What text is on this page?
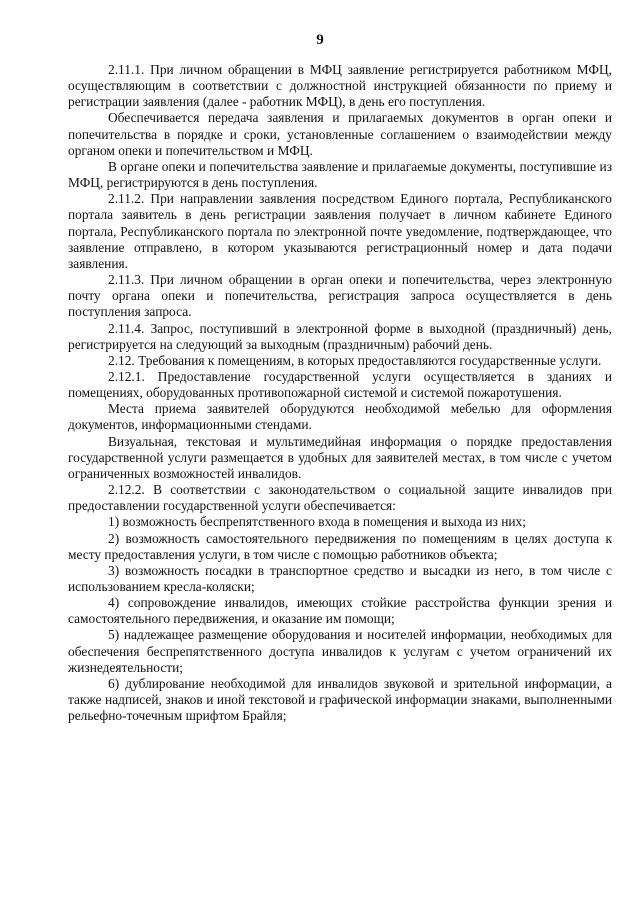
9

2.11.1. При личном обращении в МФЦ заявление регистрируется работником МФЦ, осуществляющим в соответствии с должностной инструкцией обязанности по приему и регистрации заявления (далее - работник МФЦ), в день его поступления.

Обеспечивается передача заявления и прилагаемых документов в орган опеки и попечительства в порядке и сроки, установленные соглашением о взаимодействии между органом опеки и попечительством и МФЦ.

В органе опеки и попечительства заявление и прилагаемые документы, поступившие из МФЦ, регистрируются в день поступления.

2.11.2. При направлении заявления посредством Единого портала, Республиканского портала заявитель в день регистрации заявления получает в личном кабинете Единого портала, Республиканского портала по электронной почте уведомление, подтверждающее, что заявление отправлено, в котором указываются регистрационный номер и дата подачи заявления.

2.11.3. При личном обращении в орган опеки и попечительства, через электронную почту органа опеки и попечительства, регистрация запроса осуществляется в день поступления запроса.

2.11.4. Запрос, поступивший в электронной форме в выходной (праздничный) день, регистрируется на следующий за выходным (праздничным) рабочий день.

2.12. Требования к помещениям, в которых предоставляются государственные услуги.

2.12.1. Предоставление государственной услуги осуществляется в зданиях и помещениях, оборудованных противопожарной системой и системой пожаротушения.

Места приема заявителей оборудуются необходимой мебелью для оформления документов, информационными стендами.

Визуальная, текстовая и мультимедийная информация о порядке предоставления государственной услуги размещается в удобных для заявителей местах, в том числе с учетом ограниченных возможностей инвалидов.

2.12.2. В соответствии с законодательством о социальной защите инвалидов при предоставлении государственной услуги обеспечивается:

1) возможность беспрепятственного входа в помещения и выхода из них;

2) возможность самостоятельного передвижения по помещениям в целях доступа к месту предоставления услуги, в том числе с помощью работников объекта;

3) возможность посадки в транспортное средство и высадки из него, в том числе с использованием кресла-коляски;

4) сопровождение инвалидов, имеющих стойкие расстройства функции зрения и самостоятельного передвижения, и оказание им помощи;

5) надлежащее размещение оборудования и носителей информации, необходимых для обеспечения беспрепятственного доступа инвалидов к услугам с учетом ограничений их жизнедеятельности;

6) дублирование необходимой для инвалидов звуковой и зрительной информации, а также надписей, знаков и иной текстовой и графической информации знаками, выполненными рельефно-точечным шрифтом Брайля;
